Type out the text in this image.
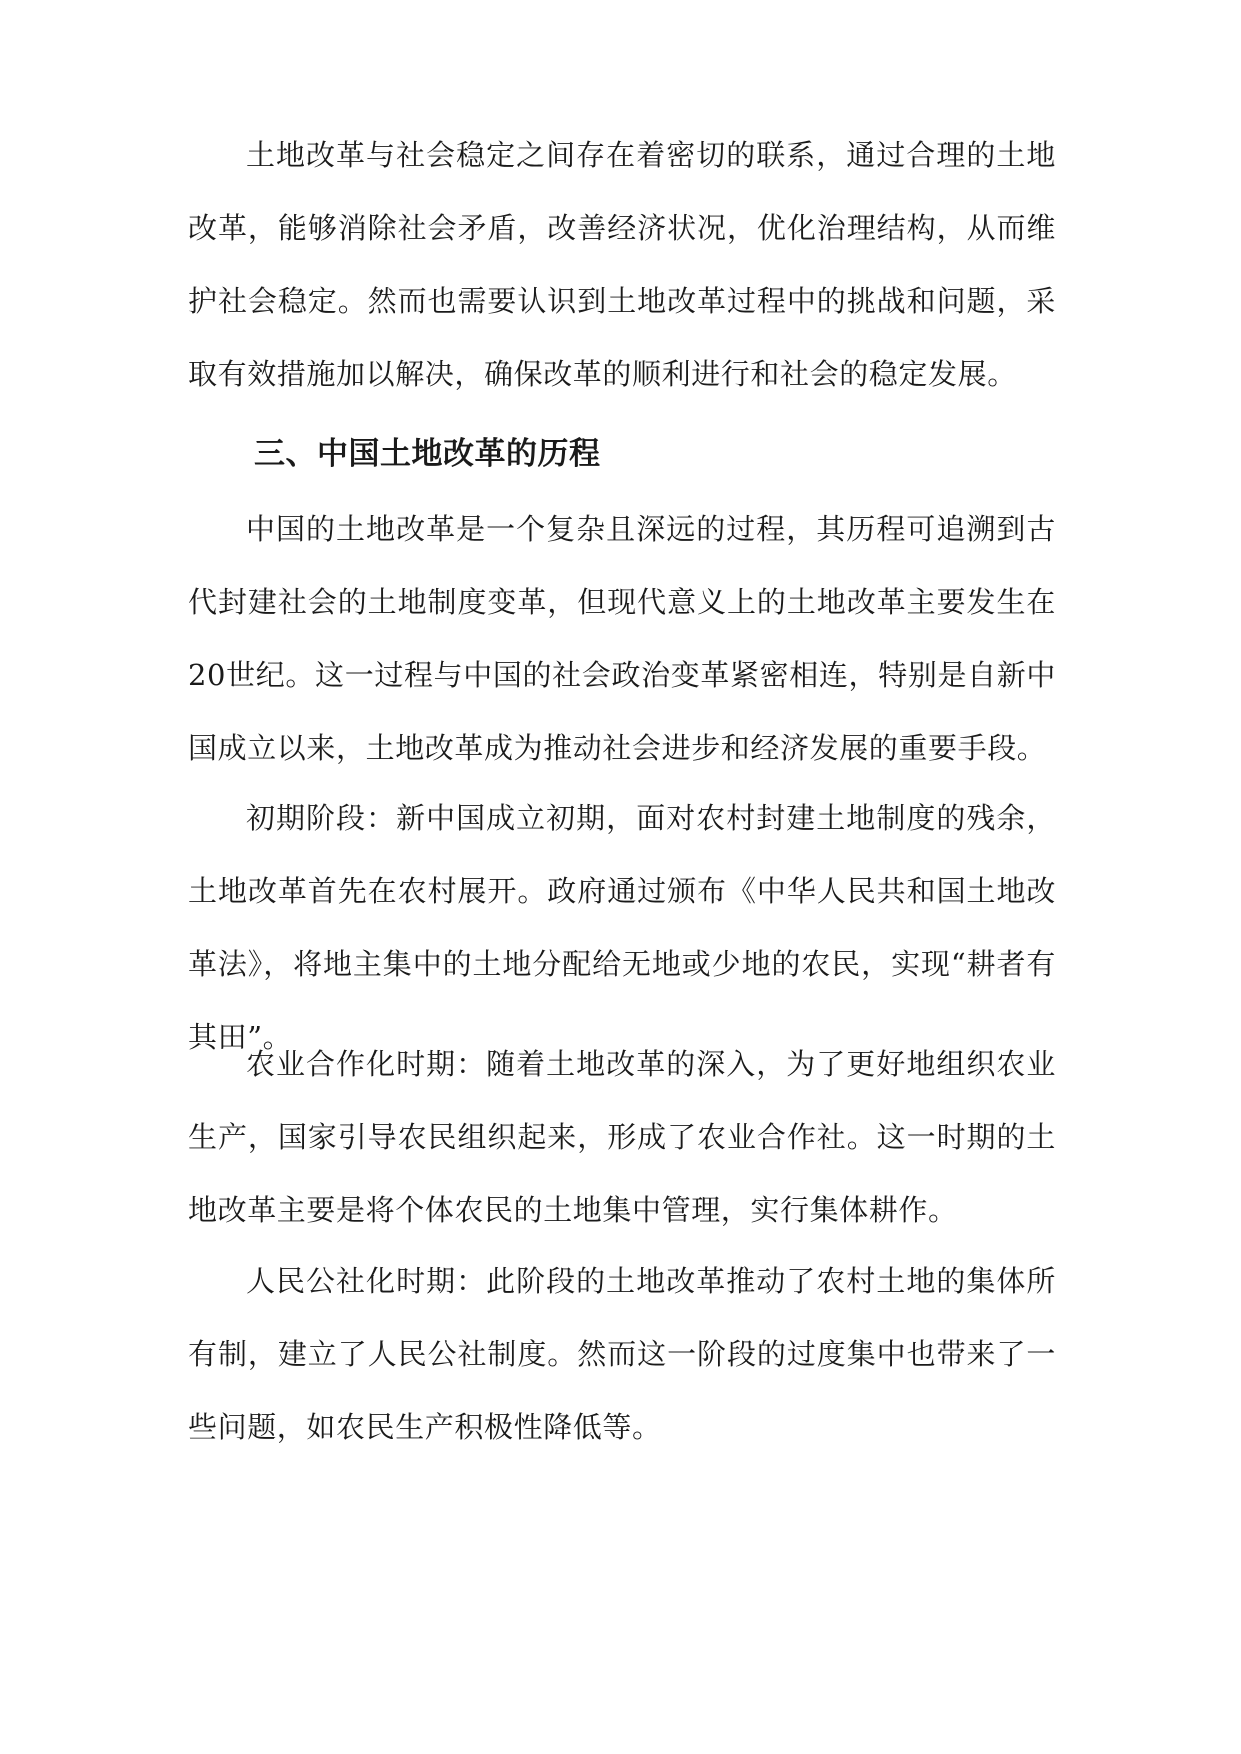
土地改革与社会稳定之间存在着密切的联系，通过合理的土地改革，能够消除社会矛盾，改善经济状况，优化治理结构，从而维护社会稳定。然而也需要认识到土地改革过程中的挑战和问题，采取有效措施加以解决，确保改革的顺利进行和社会的稳定发展。

三、中国土地改革的历程

中国的土地改革是一个复杂且深远的过程，其历程可追溯到古代封建社会的土地制度变革，但现代意义上的土地改革主要发生在20世纪。这一过程与中国的社会政治变革紧密相连，特别是自新中国成立以来，土地改革成为推动社会进步和经济发展的重要手段。

初期阶段：新中国成立初期，面对农村封建土地制度的残余，土地改革首先在农村展开。政府通过颁布《中华人民共和国土地改革法》，将地主集中的土地分配给无地或少地的农民，实现“耕者有其田”。

农业合作化时期：随着土地改革的深入，为了更好地组织农业生产，国家引导农民组织起来，形成了农业合作社。这一时期的土地改革主要是将个体农民的土地集中管理，实行集体耕作。

人民公社化时期：此阶段的土地改革推动了农村土地的集体所有制，建立了人民公社制度。然而这一阶段的过度集中也带来了一些问题，如农民生产积极性降低等。
